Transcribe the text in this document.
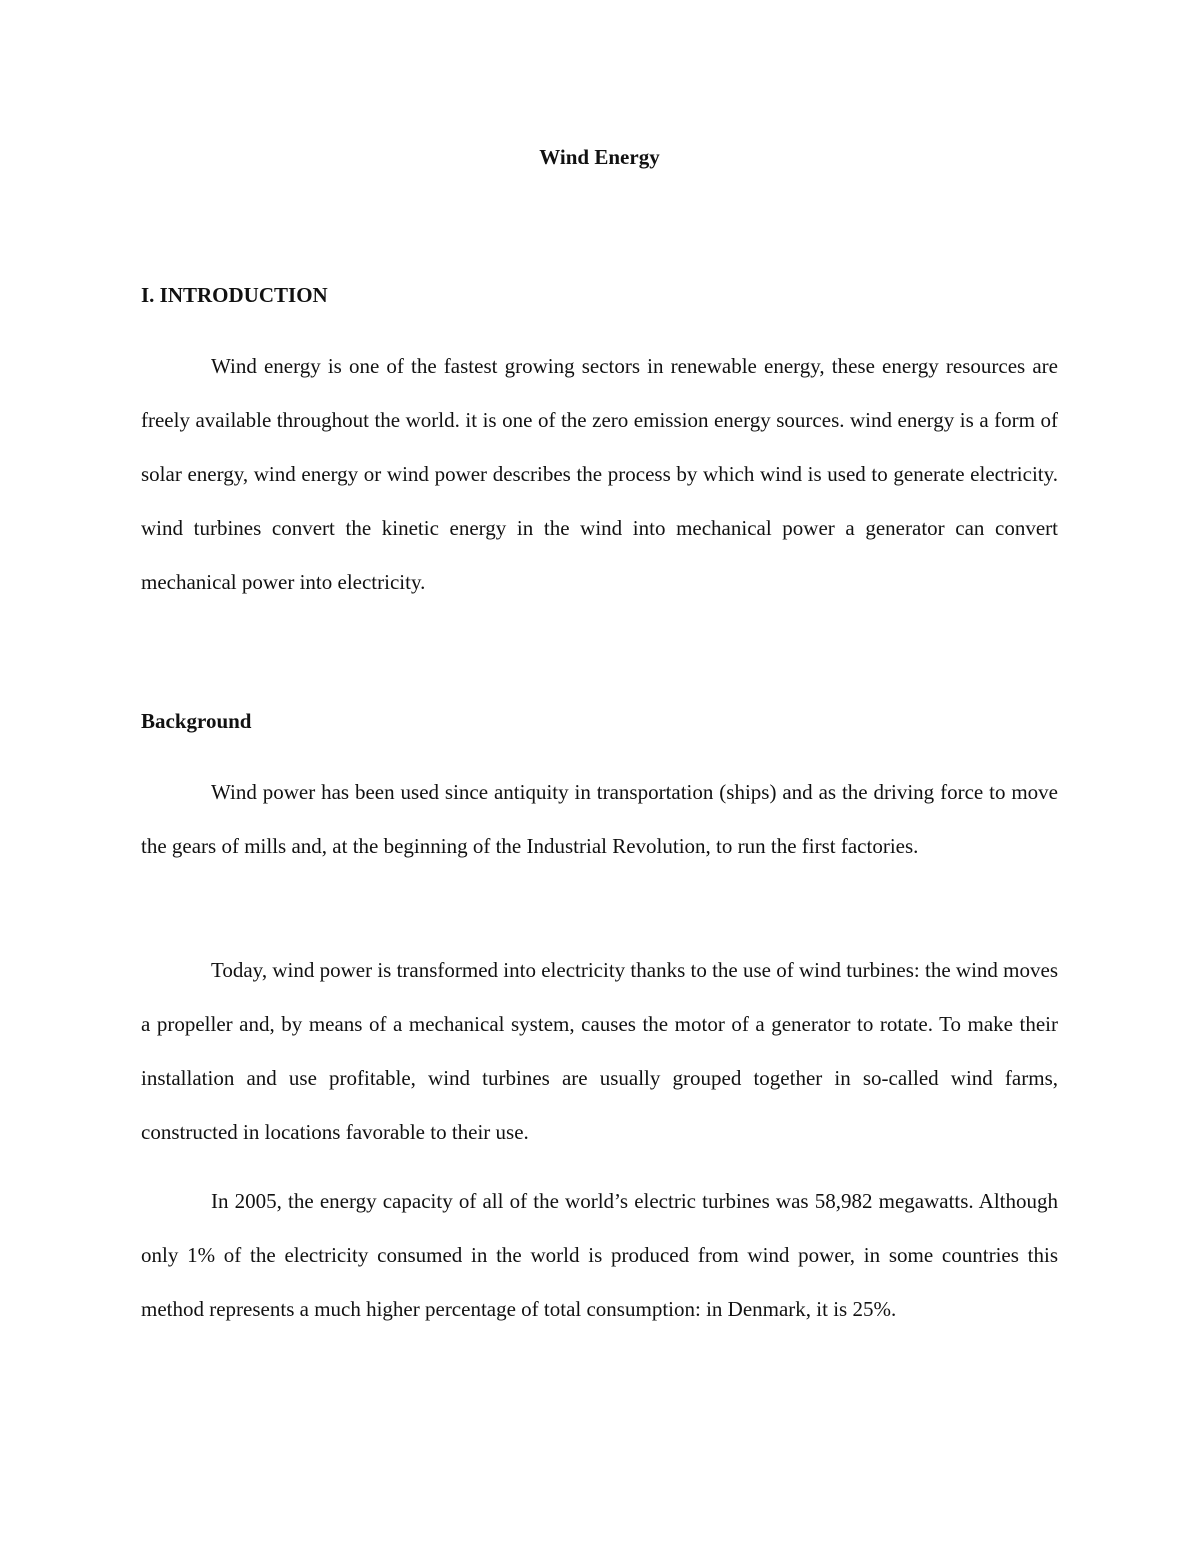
Wind Energy
I. INTRODUCTION

Wind energy is one of the fastest growing sectors in renewable energy, these energy resources are freely available throughout the world. it is one of the zero emission energy sources. wind energy is a form of solar energy, wind energy or wind power describes the process by which wind is used to generate electricity. wind turbines convert the kinetic energy in the wind into mechanical power a generator can convert mechanical power into electricity.

Background

Wind power has been used since antiquity in transportation (ships) and as the driving force to move the gears of mills and, at the beginning of the Industrial Revolution, to run the first factories.

Today, wind power is transformed into electricity thanks to the use of wind turbines: the wind moves a propeller and, by means of a mechanical system, causes the motor of a generator to rotate. To make their installation and use profitable, wind turbines are usually grouped together in so-called wind farms, constructed in locations favorable to their use.

In 2005, the energy capacity of all of the world’s electric turbines was 58,982 megawatts. Although only 1% of the electricity consumed in the world is produced from wind power, in some countries this method represents a much higher percentage of total consumption: in Denmark, it is 25%.
